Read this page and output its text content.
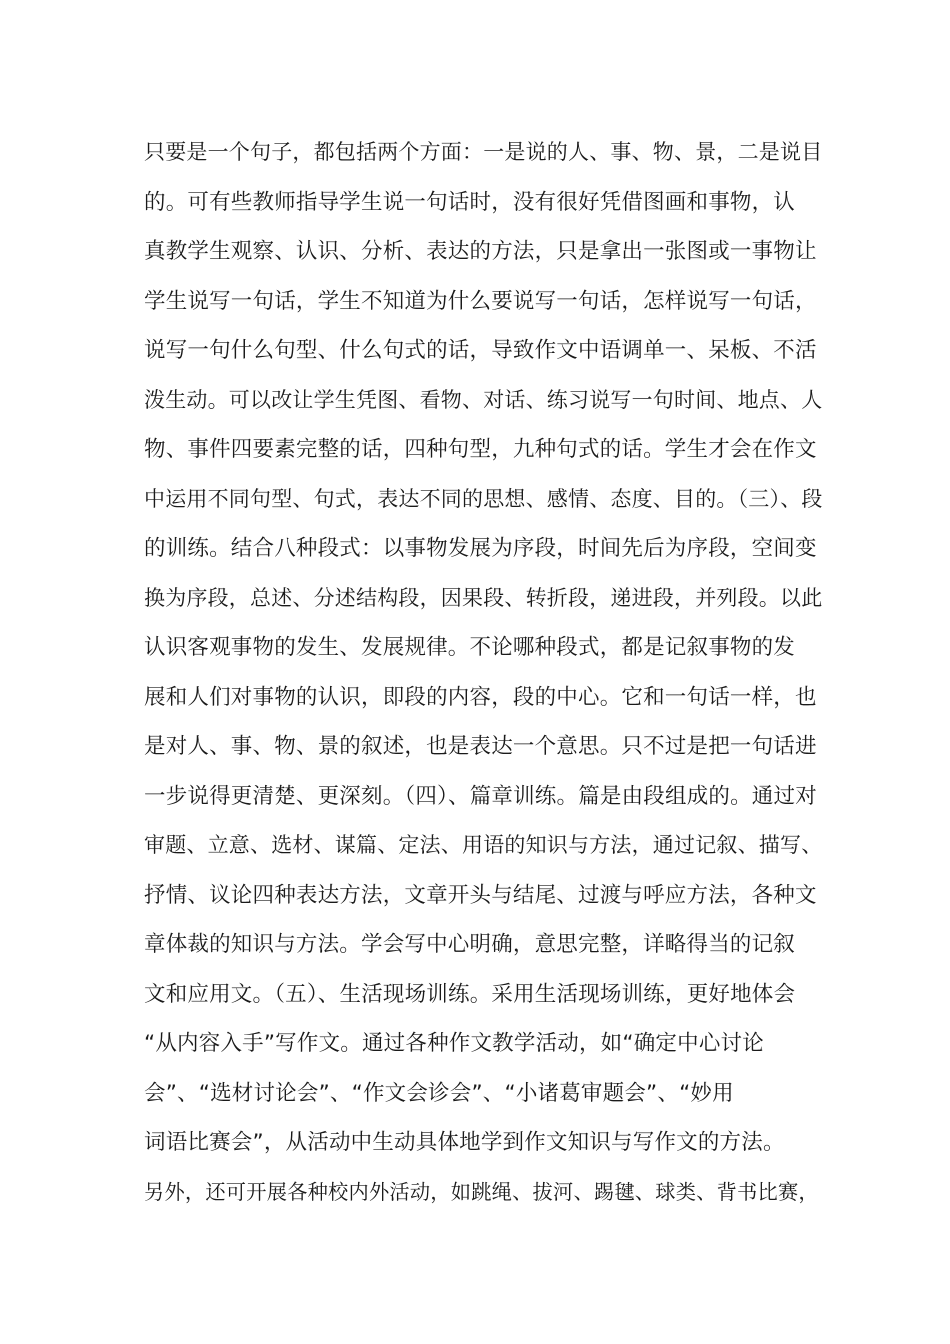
只要是一个句子，都包括两个方面：一是说的人、事、物、景，二是说目
的。可有些教师指导学生说一句话时，没有很好凭借图画和事物，认
真教学生观察、认识、分析、表达的方法，只是拿出一张图或一事物让
学生说写一句话，学生不知道为什么要说写一句话，怎样说写一句话，
说写一句什么句型、什么句式的话，导致作文中语调单一、呆板、不活
泼生动。可以改让学生凭图、看物、对话、练习说写一句时间、地点、人
物、事件四要素完整的话，四种句型，九种句式的话。学生才会在作文
中运用不同句型、句式，表达不同的思想、感情、态度、目的。（三）、段
的训练。结合八种段式：以事物发展为序段，时间先后为序段，空间变
换为序段，总述、分述结构段，因果段、转折段，递进段，并列段。以此
认识客观事物的发生、发展规律。不论哪种段式，都是记叙事物的发
展和人们对事物的认识，即段的内容，段的中心。它和一句话一样，也
是对人、事、物、景的叙述，也是表达一个意思。只不过是把一句话进
一步说得更清楚、更深刻。（四）、篇章训练。篇是由段组成的。通过对
审题、立意、选材、谋篇、定法、用语的知识与方法，通过记叙、描写、
抒情、议论四种表达方法，文章开头与结尾、过渡与呼应方法，各种文
章体裁的知识与方法。学会写中心明确，意思完整，详略得当的记叙
文和应用文。（五）、生活现场训练。采用生活现场训练，更好地体会
“从内容入手”写作文。通过各种作文教学活动，如“确定中心讨论
会”、“选材讨论会”、“作文会诊会”、“小诸葛审题会”、“妙用
词语比赛会”，从活动中生动具体地学到作文知识与写作文的方法。
另外，还可开展各种校内外活动，如跳绳、拔河、踢毽、球类、背书比赛，
